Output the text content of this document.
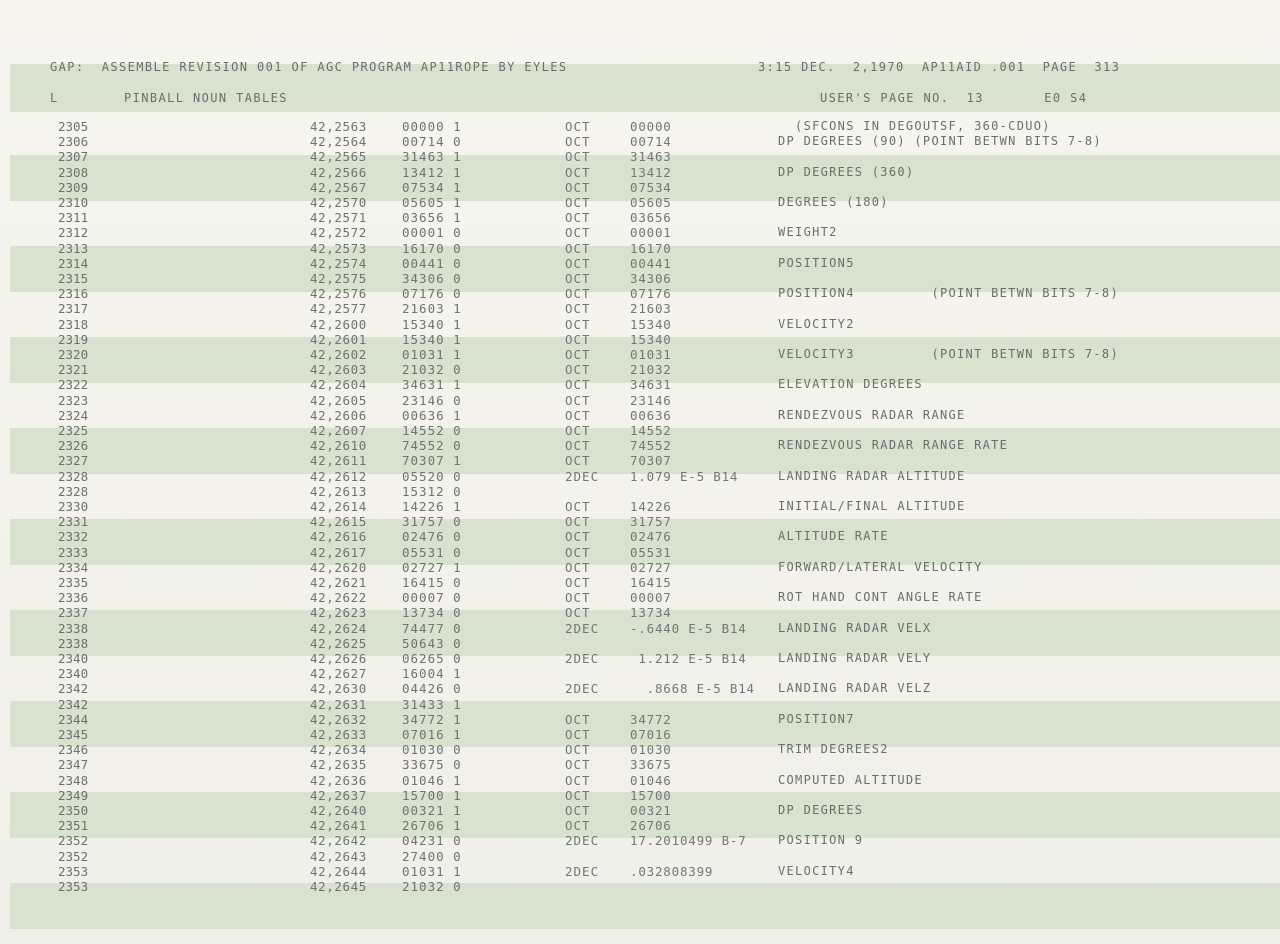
GAP:  ASSEMBLE REVISION 001 OF AGC PROGRAM AP11ROPE BY EYLES	3:15 DEC.  2,1970  AP11AID .001  PAGE  313
L	PINBALL NOUN TABLES	USER'S PAGE NO.  13       E0 S4
2305	42,2563	00000 1	OCT	00000	(SFCONS IN DEGOUTSF, 360-CDUO)
2306	42,2564	00714 0	OCT	00714	DP DEGREES (90) (POINT BETWN BITS 7-8)
2307	42,2565	31463 1	OCT	31463
2308	42,2566	13412 1	OCT	13412	DP DEGREES (360)
2309	42,2567	07534 1	OCT	07534
2310	42,2570	05605 1	OCT	05605	DEGREES (180)
2311	42,2571	03656 1	OCT	03656
2312	42,2572	00001 0	OCT	00001	WEIGHT2
2313	42,2573	16170 0	OCT	16170
2314	42,2574	00441 0	OCT	00441	POSITION5
2315	42,2575	34306 0	OCT	34306
2316	42,2576	07176 0	OCT	07176	POSITION4         (POINT BETWN BITS 7-8)
2317	42,2577	21603 1	OCT	21603
2318	42,2600	15340 1	OCT	15340	VELOCITY2
2319	42,2601	15340 1	OCT	15340
2320	42,2602	01031 1	OCT	01031	VELOCITY3         (POINT BETWN BITS 7-8)
2321	42,2603	21032 0	OCT	21032
2322	42,2604	34631 1	OCT	34631	ELEVATION DEGREES
2323	42,2605	23146 0	OCT	23146
2324	42,2606	00636 1	OCT	00636	RENDEZVOUS RADAR RANGE
2325	42,2607	14552 0	OCT	14552
2326	42,2610	74552 0	OCT	74552	RENDEZVOUS RADAR RANGE RATE
2327	42,2611	70307 1	OCT	70307
2328	42,2612	05520 0	2DEC 1.079 E-5 B14	LANDING RADAR ALTITUDE
2328	42,2613	15312 0
2330	42,2614	14226 1	OCT	14226	INITIAL/FINAL ALTITUDE
2331	42,2615	31757 0	OCT	31757
2332	42,2616	02476 0	OCT	02476	ALTITUDE RATE
2333	42,2617	05531 0	OCT	05531
2334	42,2620	02727 1	OCT	02727	FORWARD/LATERAL VELOCITY
2335	42,2621	16415 0	OCT	16415
2336	42,2622	00007 0	OCT	00007	ROT HAND CONT ANGLE RATE
2337	42,2623	13734 0	OCT	13734
2338	42,2624	74477 0	2DEC -.6440 E-5 B14	LANDING RADAR VELX
2338	42,2625	50643 0
2340	42,2626	06265 0	2DEC 1.212 E-5 B14	LANDING RADAR VELY
2340	42,2627	16004 1
2342	42,2630	04426 0	2DEC .8668 E-5 B14 LANDING RADAR VELZ
2342	42,2631	31433 1
2344	42,2632	34772 1	OCT	34772	POSITION7
2345	42,2633	07016 1	OCT	07016
2346	42,2634	01030 0	OCT	01030	TRIM DEGREES2
2347	42,2635	33675 0	OCT	33675
2348	42,2636	01046 1	OCT	01046	COMPUTED ALTITUDE
2349	42,2637	15700 1	OCT	15700
2350	42,2640	00321 1	OCT	00321	DP DEGREES
2351	42,2641	26706 1	OCT	26706
2352	42,2642	04231 0	2DEC 17.2010499 B-7	POSITION 9
2352	42,2643	27400 0
2353	42,2644	01031 1	2DEC .032808399	VELOCITY4
2353	42,2645	21032 0
